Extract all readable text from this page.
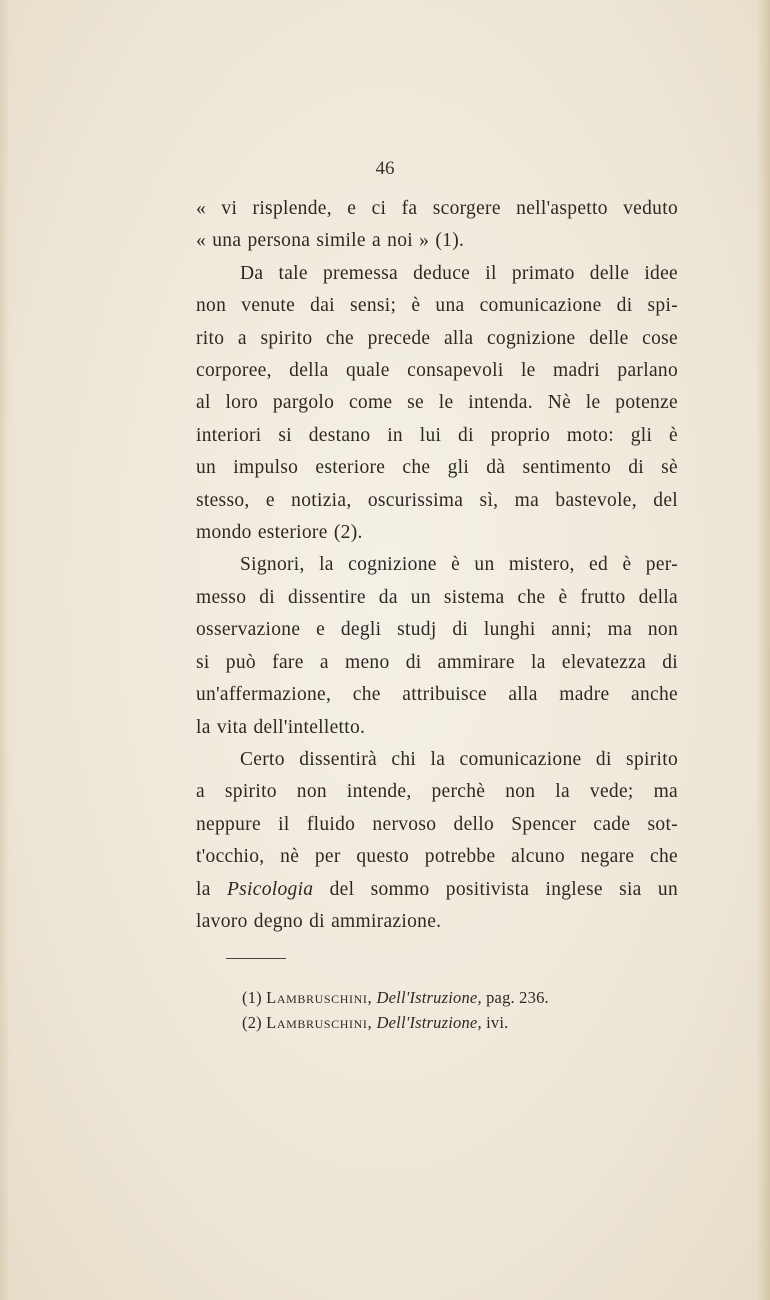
46
« vi risplende, e ci fa scorgere nell'aspetto veduto
« una persona simile a noi » (1).
Da tale premessa deduce il primato delle idee
non venute dai sensi; è una comunicazione di spi-
rito a spirito che precede alla cognizione delle cose
corporee, della quale consapevoli le madri parlano
al loro pargolo come se le intenda. Nè le potenze
interiori si destano in lui di proprio moto: gli è
un impulso esteriore che gli dà sentimento di sè
stesso, e notizia, oscurissima sì, ma bastevole, del
mondo esteriore (2).
Signori, la cognizione è un mistero, ed è per-
messo di dissentire da un sistema che è frutto della
osservazione e degli studj di lunghi anni; ma non
si può fare a meno di ammirare la elevatezza di
un'affermazione, che attribuisce alla madre anche
la vita dell'intelletto.
Certo dissentirà chi la comunicazione di spirito
a spirito non intende, perchè non la vede; ma
neppure il fluido nervoso dello Spencer cade sot-
t'occhio, nè per questo potrebbe alcuno negare che
la Psicologia del sommo positivista inglese sia un
lavoro degno di ammirazione.
(1) Lambruschini, Dell'Istruzione, pag. 236.
(2) Lambruschini, Dell'Istruzione, ivi.
